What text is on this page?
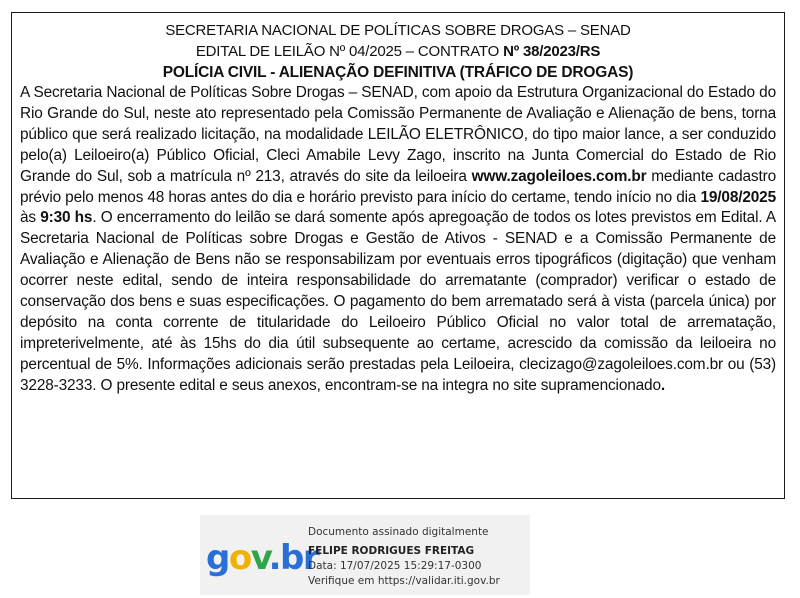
SECRETARIA NACIONAL DE POLÍTICAS SOBRE DROGAS – SENAD
EDITAL DE LEILÃO Nº 04/2025 – CONTRATO Nº 38/2023/RS
POLÍCIA CIVIL - ALIENAÇÃO DEFINITIVA (TRÁFICO DE DROGAS)

A Secretaria Nacional de Políticas Sobre Drogas – SENAD, com apoio da Estrutura Organizacional do Estado do Rio Grande do Sul, neste ato representado pela Comissão Permanente de Avaliação e Alienação de bens, torna público que será realizado licitação, na modalidade LEILÃO ELETRÔNICO, do tipo maior lance, a ser conduzido pelo(a) Leiloeiro(a) Público Oficial, Cleci Amabile Levy Zago, inscrito na Junta Comercial do Estado de Rio Grande do Sul, sob a matrícula nº 213, através do site da leiloeira www.zagoleiloes.com.br mediante cadastro prévio pelo menos 48 horas antes do dia e horário previsto para início do certame, tendo início no dia 19/08/2025 às 9:30 hs. O encerramento do leilão se dará somente após apregoação de todos os lotes previstos em Edital. A Secretaria Nacional de Políticas sobre Drogas e Gestão de Ativos - SENAD e a Comissão Permanente de Avaliação e Alienação de Bens não se responsabilizam por eventuais erros tipográficos (digitação) que venham ocorrer neste edital, sendo de inteira responsabilidade do arrematante (comprador) verificar o estado de conservação dos bens e suas especificações. O pagamento do bem arrematado será à vista (parcela única) por depósito na conta corrente de titularidade do Leiloeiro Público Oficial no valor total de arrematação, impreterivelmente, até às 15hs do dia útil subsequente ao certame, acrescido da comissão da leiloeira no percentual de 5%. Informações adicionais serão prestadas pela Leiloeira, clecizago@zagoleiloes.com.br ou (53) 3228-3233. O presente edital e seus anexos, encontram-se na integra no site supramencionado.

gov.br
Documento assinado digitalmente
FELIPE RODRIGUES FREITAG
Data: 17/07/2025 15:29:17-0300
Verifique em https://validar.iti.gov.br
